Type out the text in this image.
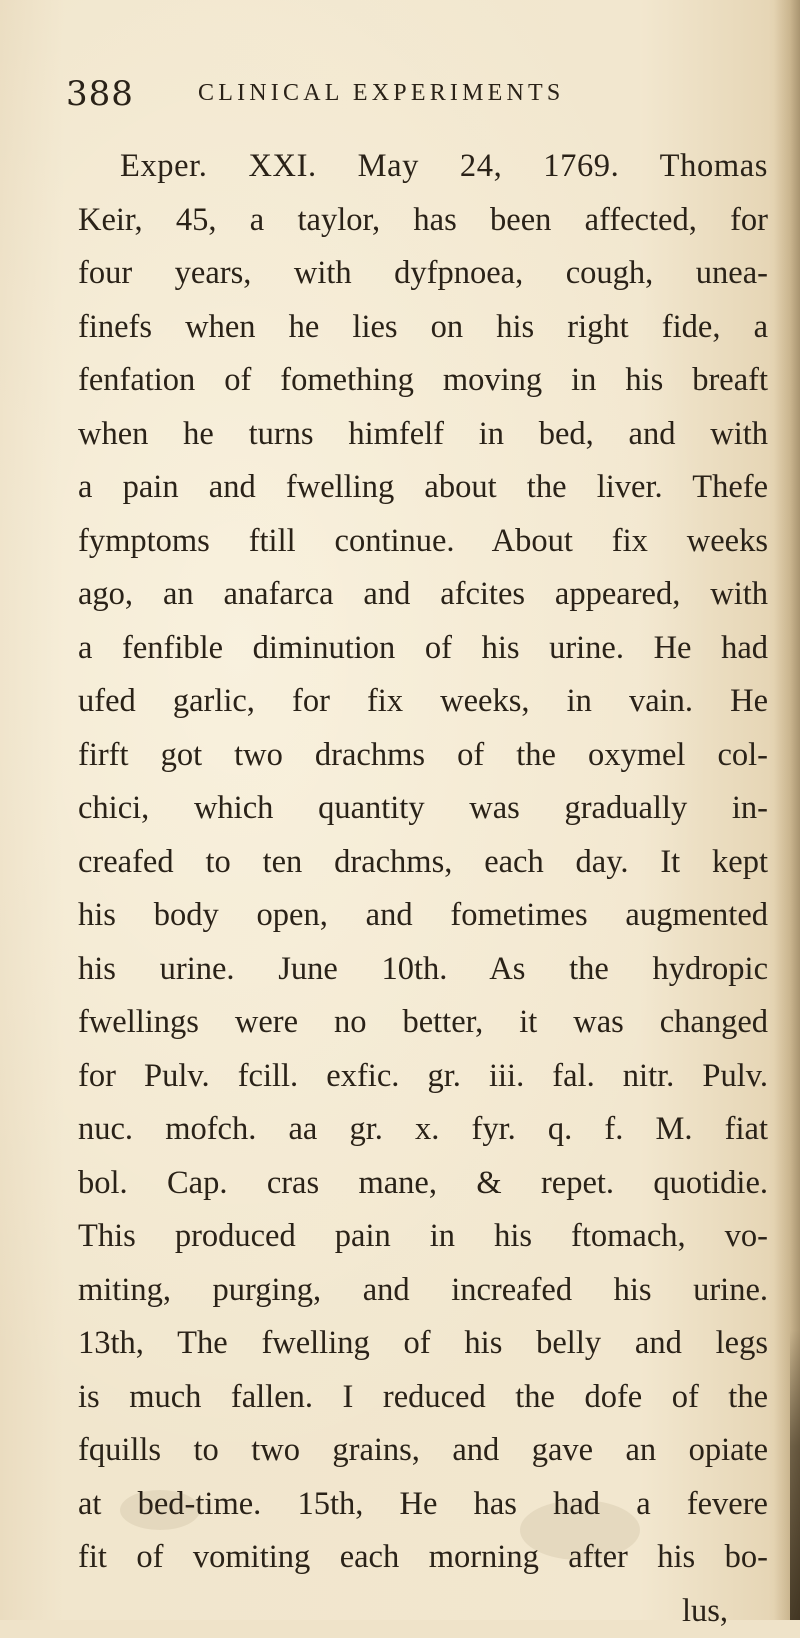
388	CLINICAL EXPERIMENTS
Exper. XXI. May 24, 1769. Thomas
Keir, 45, a taylor, has been affected, for
four years, with dyfpnoea, cough, unea-
finefs when he lies on his right fide, a
fenfation of fomething moving in his breaft
when he turns himfelf in bed, and with
a pain and fwelling about the liver. Thefe
fymptoms ftill continue. About fix weeks
ago, an anafarca and afcites appeared, with
a fenfible diminution of his urine. He had
ufed garlic, for fix weeks, in vain. He
firft got two drachms of the oxymel col-
chici, which quantity was gradually in-
creafed to ten drachms, each day. It kept
his body open, and fometimes augmented
his urine. June 10th. As the hydropic
fwellings were no better, it was changed
for Pulv. fcill. exfic. gr. iii. fal. nitr. Pulv.
nuc. mofch. aa gr. x. fyr. q. f. M. fiat
bol. Cap. cras mane, & repet. quotidie.
This produced pain in his ftomach, vo-
miting, purging, and increafed his urine.
13th, The fwelling of his belly and legs
is much fallen. I reduced the dofe of the
fquills to two grains, and gave an opiate
at bed-time. 15th, He has had a fevere
fit of vomiting each morning after his bo-
lus,
